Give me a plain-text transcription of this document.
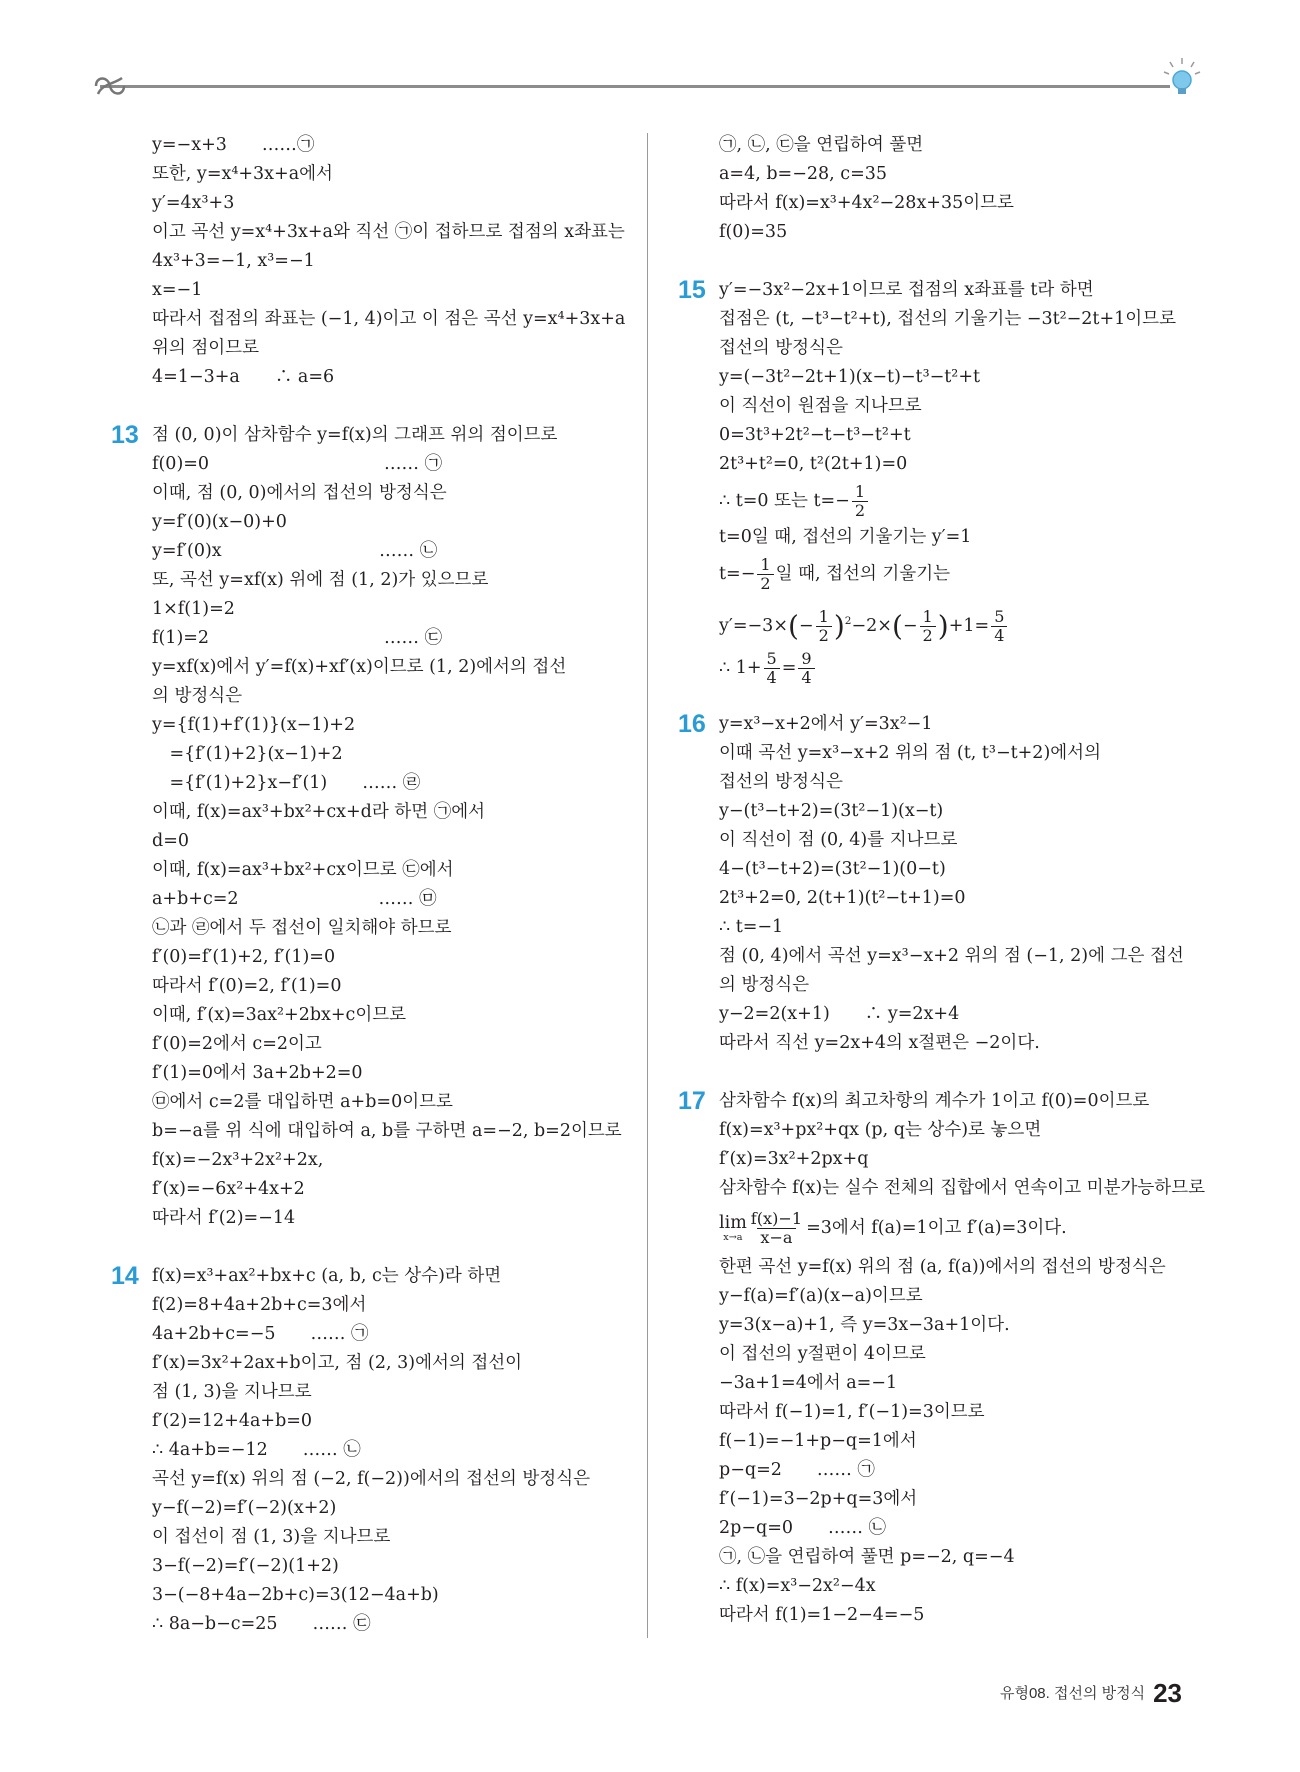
y=−x+3　　……㉠
또한, y=x⁴+3x+a에서
y′=4x³+3
이고 곡선 y=x⁴+3x+a와 직선 ㉠이 접하므로 접점의 x좌표는
4x³+3=−1, x³=−1
x=−1
따라서 접점의 좌표는 (−1, 4)이고 이 점은 곡선 y=x⁴+3x+a
위의 점이므로
4=1−3+a　　∴ a=6
13 점 (0, 0)이 삼차함수 y=f(x)의 그래프 위의 점이므로
f(0)=0　　　　　　　　　　…… ㉠
이때, 점 (0, 0)에서의 접선의 방정식은
y=f′(0)(x−0)+0
y=f′(0)x　　　　　　　　　…… ㉡
또, 곡선 y=xf(x) 위에 점 (1, 2)가 있으므로
1×f(1)=2
f(1)=2　　　　　　　　　　…… ㉢
y=xf(x)에서 y′=f(x)+xf′(x)이므로 (1, 2)에서의 접선
의 방정식은
y={f(1)+f′(1)}(x−1)+2
　={f′(1)+2}(x−1)+2
　={f′(1)+2}x−f′(1)　　…… ㉣
이때, f(x)=ax³+bx²+cx+d라 하면 ㉠에서
d=0
이때, f(x)=ax³+bx²+cx이므로 ㉢에서
a+b+c=2　　　　　　　　…… ㉤
㉡과 ㉣에서 두 접선이 일치해야 하므로
f′(0)=f′(1)+2, f′(1)=0
따라서 f′(0)=2, f′(1)=0
이때, f′(x)=3ax²+2bx+c이므로
f′(0)=2에서 c=2이고
f′(1)=0에서 3a+2b+2=0
㉤에서 c=2를 대입하면 a+b=0이므로
b=−a를 위 식에 대입하여 a, b를 구하면 a=−2, b=2이므로
f(x)=−2x³+2x²+2x,
f′(x)=−6x²+4x+2
따라서 f′(2)=−14
14 f(x)=x³+ax²+bx+c (a, b, c는 상수)라 하면
f(2)=8+4a+2b+c=3에서
4a+2b+c=−5　　…… ㉠
f′(x)=3x²+2ax+b이고, 점 (2, 3)에서의 접선이
점 (1, 3)을 지나므로
f′(2)=12+4a+b=0
∴ 4a+b=−12　　…… ㉡
곡선 y=f(x) 위의 점 (−2, f(−2))에서의 접선의 방정식은
y−f(−2)=f′(−2)(x+2)
이 접선이 점 (1, 3)을 지나므로
3−f(−2)=f′(−2)(1+2)
3−(−8+4a−2b+c)=3(12−4a+b)
∴ 8a−b−c=25　　…… ㉢
㉠, ㉡, ㉢을 연립하여 풀면
a=4, b=−28, c=35
따라서 f(x)=x³+4x²−28x+35이므로
f(0)=35
15 y′=−3x²−2x+1이므로 접점의 x좌표를 t라 하면
접점은 (t, −t³−t²+t), 접선의 기울기는 −3t²−2t+1이므로
접선의 방정식은
y=(−3t²−2t+1)(x−t)−t³−t²+t
이 직선이 원점을 지나므로
0=3t³+2t²−t−t³−t²+t
2t³+t²=0, t²(2t+1)=0
∴ t=0 또는 $t=- \frac{1}{2}$
t=0일 때, 접선의 기울기는 y′=1
$t=- \frac{1}{2}$ 일 때, 접선의 기울기는
$y'=-3\times(- \frac{1}{2} )^2-2\times(- \frac{1}{2} )+1= \frac{5}{4}$
∴ $1+ \frac{5}{4} = \frac{9}{4}$
16 y=x³−x+2에서 y′=3x²−1
이때 곡선 y=x³−x+2 위의 점 (t, t³−t+2)에서의
접선의 방정식은
y−(t³−t+2)=(3t²−1)(x−t)
이 직선이 점 (0, 4)를 지나므로
4−(t³−t+2)=(3t²−1)(0−t)
2t³+2=0, 2(t+1)(t²−t+1)=0
∴ t=−1
점 (0, 4)에서 곡선 y=x³−x+2 위의 점 (−1, 2)에 그은 접선
의 방정식은
y−2=2(x+1)　　∴ y=2x+4
따라서 직선 y=2x+4의 x절편은 −2이다.
17 삼차함수 f(x)의 최고차항의 계수가 1이고 f(0)=0이므로
f(x)=x³+px²+qx (p, q는 상수)로 놓으면
f′(x)=3x²+2px+q
삼차함수 f(x)는 실수 전체의 집합에서 연속이고 미분가능하므로
lim
$x\to a \frac{f(x)-1}{x-a} =3$에서 f(a)=1이고 f′(a)=3이다.
한편 곡선 y=f(x) 위의 점 (a, f(a))에서의 접선의 방정식은
y−f(a)=f′(a)(x−a)이므로
y=3(x−a)+1, 즉 y=3x−3a+1이다.
이 접선의 y절편이 4이므로
−3a+1=4에서 a=−1
따라서 f(−1)=1, f′(−1)=3이므로
f(−1)=−1+p−q=1에서
p−q=2　　…… ㉠
f′(−1)=3−2p+q=3에서
2p−q=0　　…… ㉡
㉠, ㉡을 연립하여 풀면 p=−2, q=−4
∴ f(x)=x³−2x²−4x
따라서 f(1)=1−2−4=−5
유형08. 접선의 방정식 23
